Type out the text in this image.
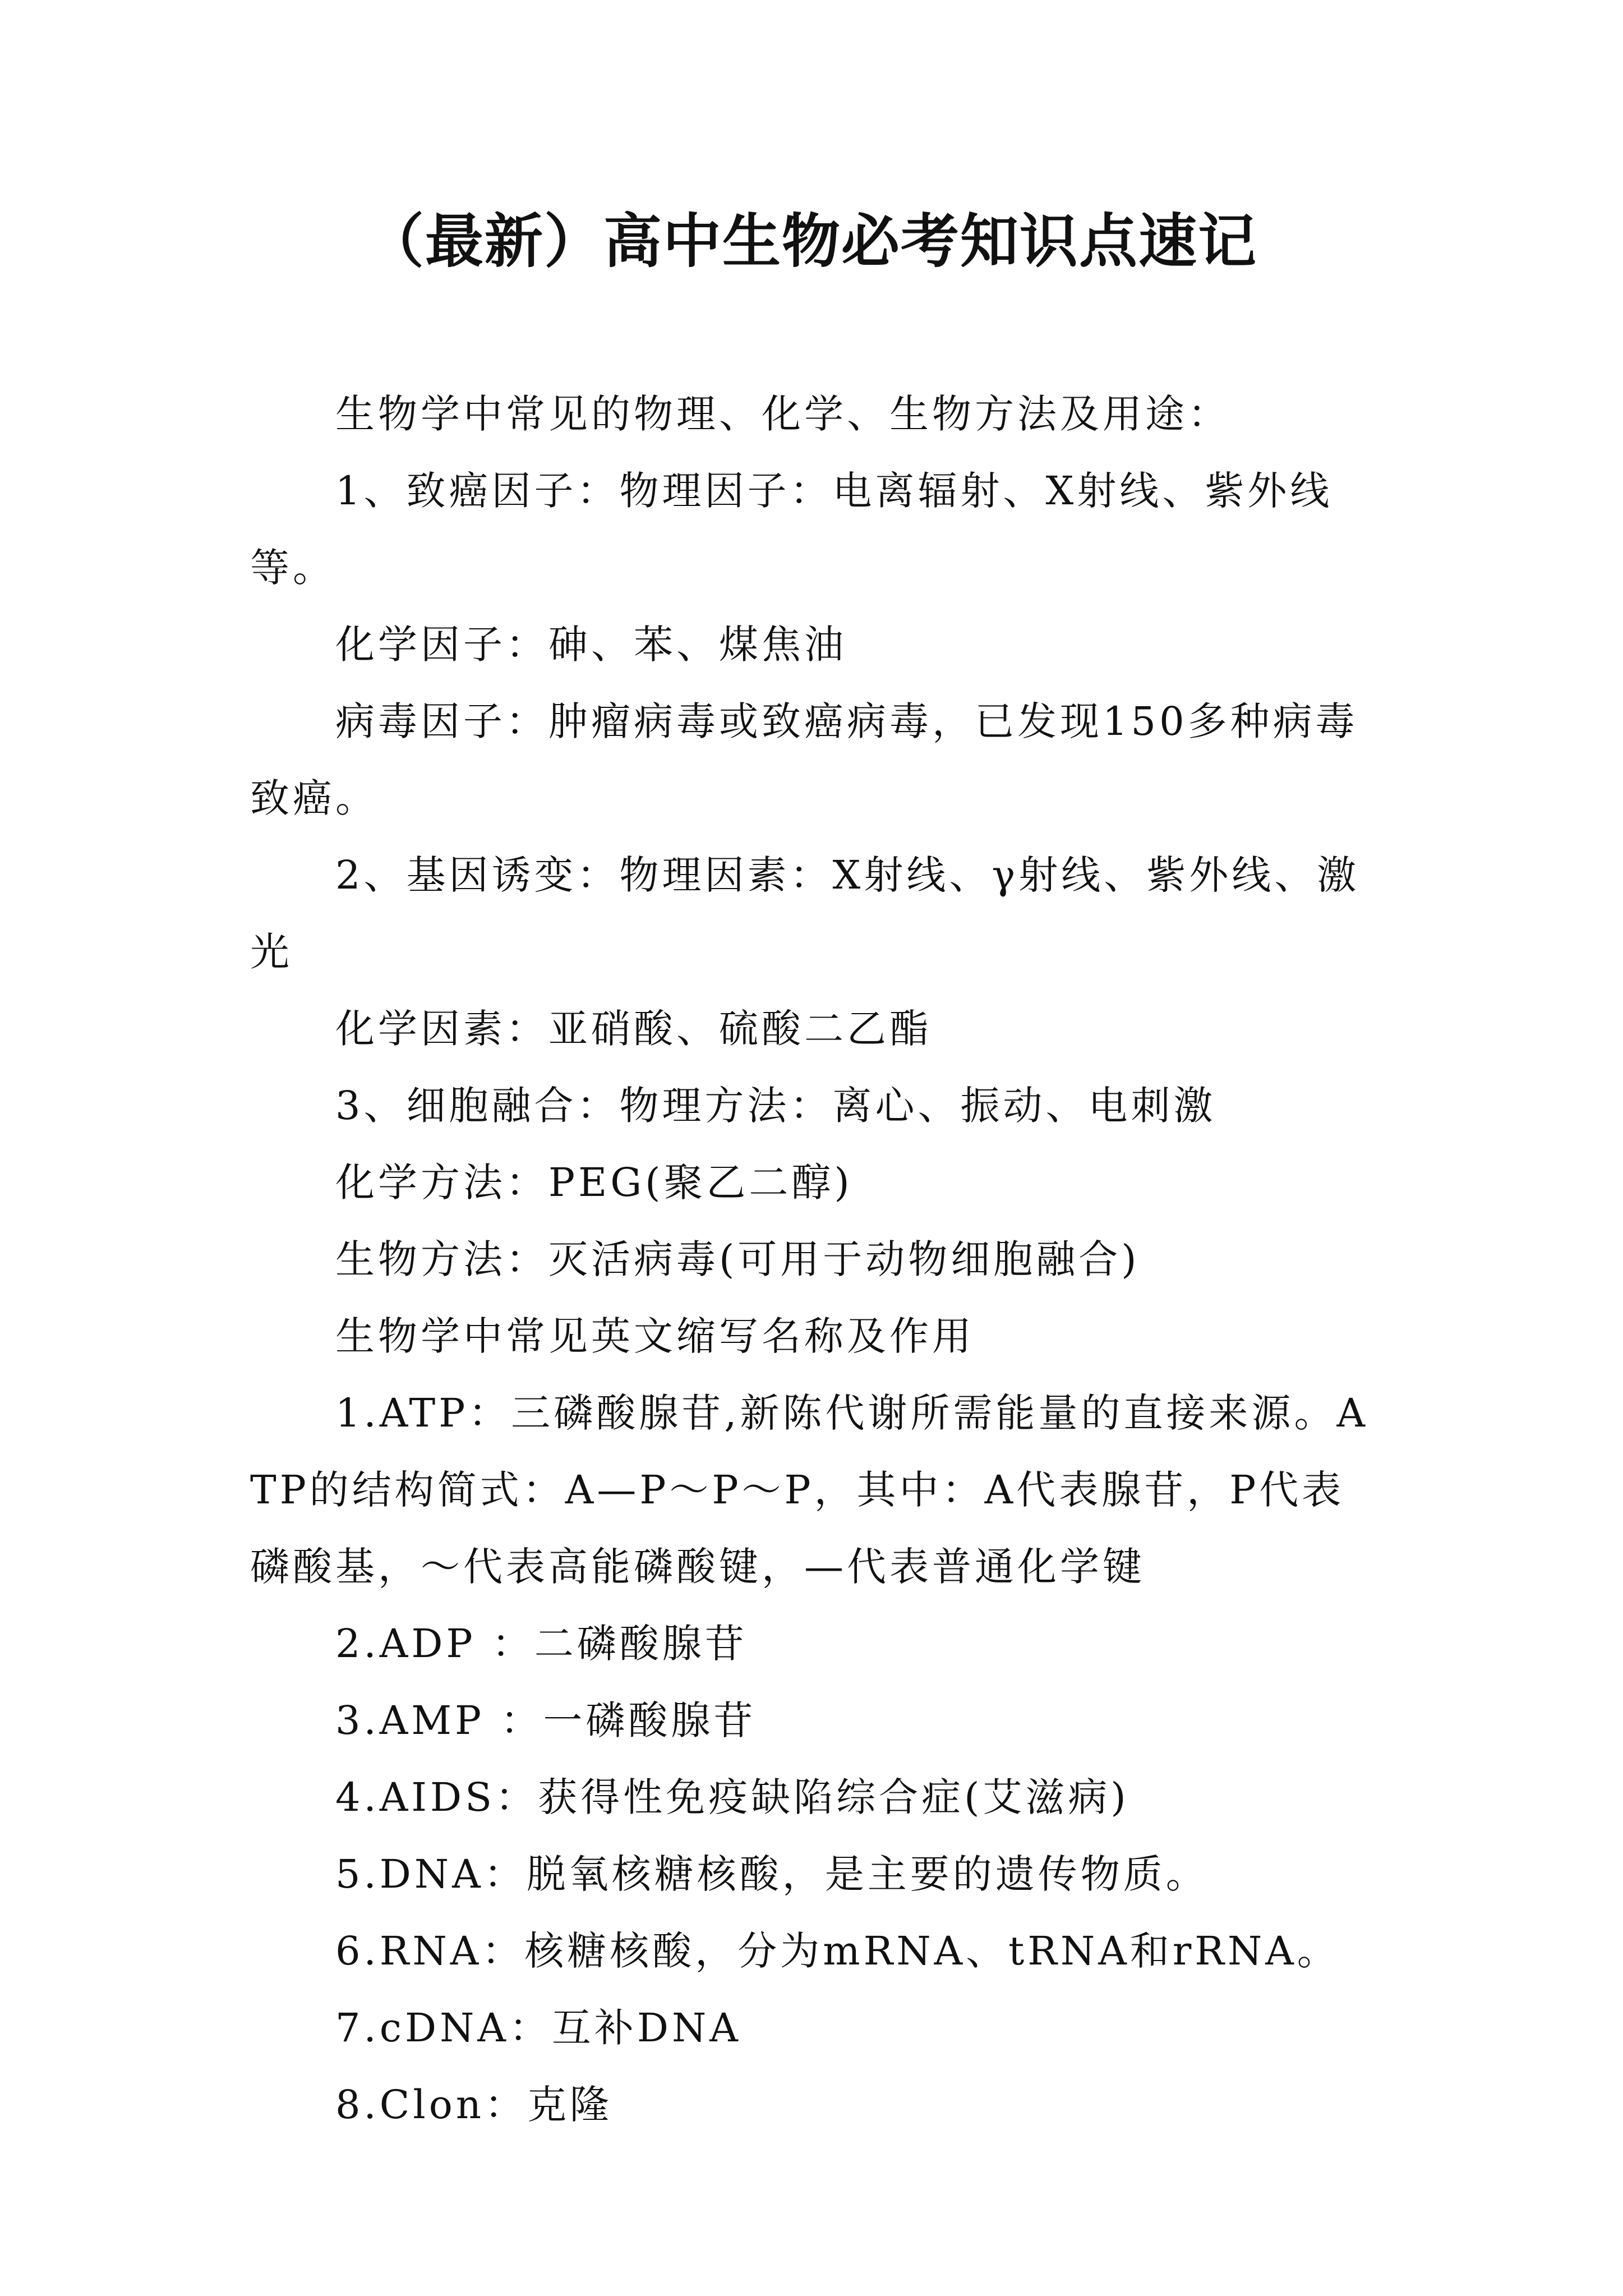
（最新）高中生物必考知识点速记

生物学中常见的物理、化学、生物方法及用途：

1、致癌因子：物理因子：电离辐射、X射线、紫外线等。

化学因子：砷、苯、煤焦油

病毒因子：肿瘤病毒或致癌病毒，已发现150多种病毒致癌。

2、基因诱变：物理因素：X射线、γ射线、紫外线、激光

化学因素：亚硝酸、硫酸二乙酯

3、细胞融合：物理方法：离心、振动、电刺激

化学方法：PEG(聚乙二醇)

生物方法：灭活病毒(可用于动物细胞融合)

生物学中常见英文缩写名称及作用

1.ATP：三磷酸腺苷,新陈代谢所需能量的直接来源。ATP的结构简式：A—P～P～P，其中：A代表腺苷，P代表磷酸基，～代表高能磷酸键，—代表普通化学键

2.ADP ：二磷酸腺苷

3.AMP ：一磷酸腺苷

4.AIDS：获得性免疫缺陷综合症(艾滋病)

5.DNA：脱氧核糖核酸，是主要的遗传物质。

6.RNA：核糖核酸，分为mRNA、tRNA和rRNA。

7.cDNA：互补DNA

8.Clon：克隆
